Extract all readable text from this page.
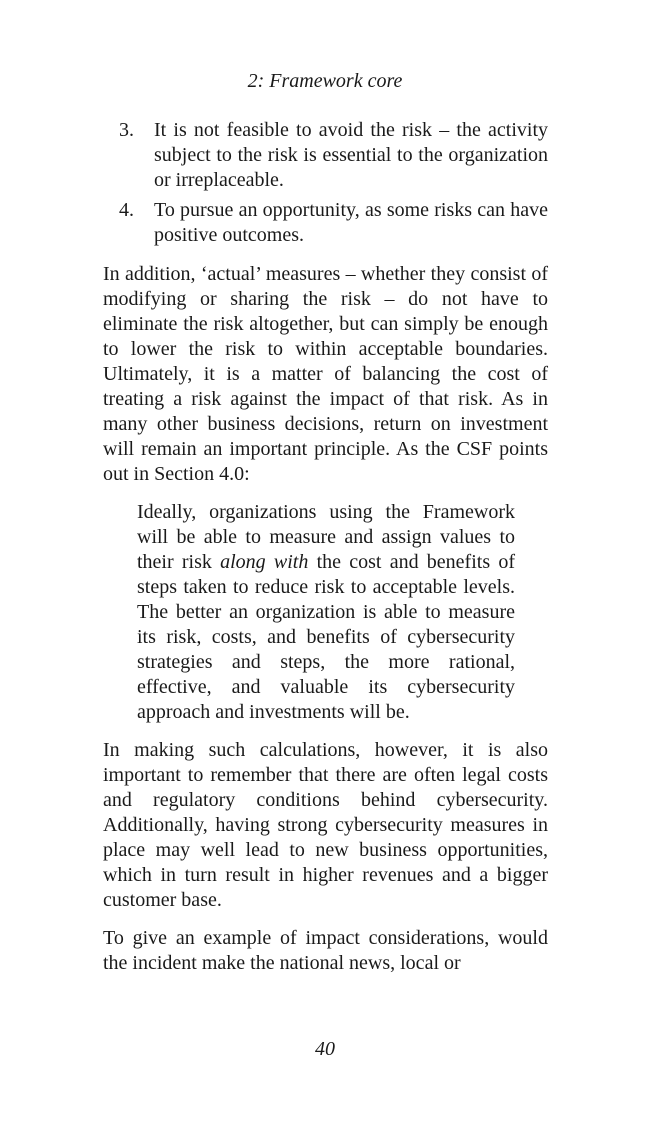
2: Framework core
3. It is not feasible to avoid the risk – the activity subject to the risk is essential to the organization or irreplaceable.
4. To pursue an opportunity, as some risks can have positive outcomes.

In addition, ‘actual’ measures – whether they consist of modifying or sharing the risk – do not have to eliminate the risk altogether, but can simply be enough to lower the risk to within acceptable boundaries. Ultimately, it is a matter of balancing the cost of treating a risk against the impact of that risk. As in many other business decisions, return on investment will remain an important principle. As the CSF points out in Section 4.0:

Ideally, organizations using the Framework will be able to measure and assign values to their risk along with the cost and benefits of steps taken to reduce risk to acceptable levels. The better an organization is able to measure its risk, costs, and benefits of cybersecurity strategies and steps, the more rational, effective, and valuable its cybersecurity approach and investments will be.

In making such calculations, however, it is also important to remember that there are often legal costs and regulatory conditions behind cybersecurity. Additionally, having strong cybersecurity measures in place may well lead to new business opportunities, which in turn result in higher revenues and a bigger customer base.

To give an example of impact considerations, would the incident make the national news, local or

40
